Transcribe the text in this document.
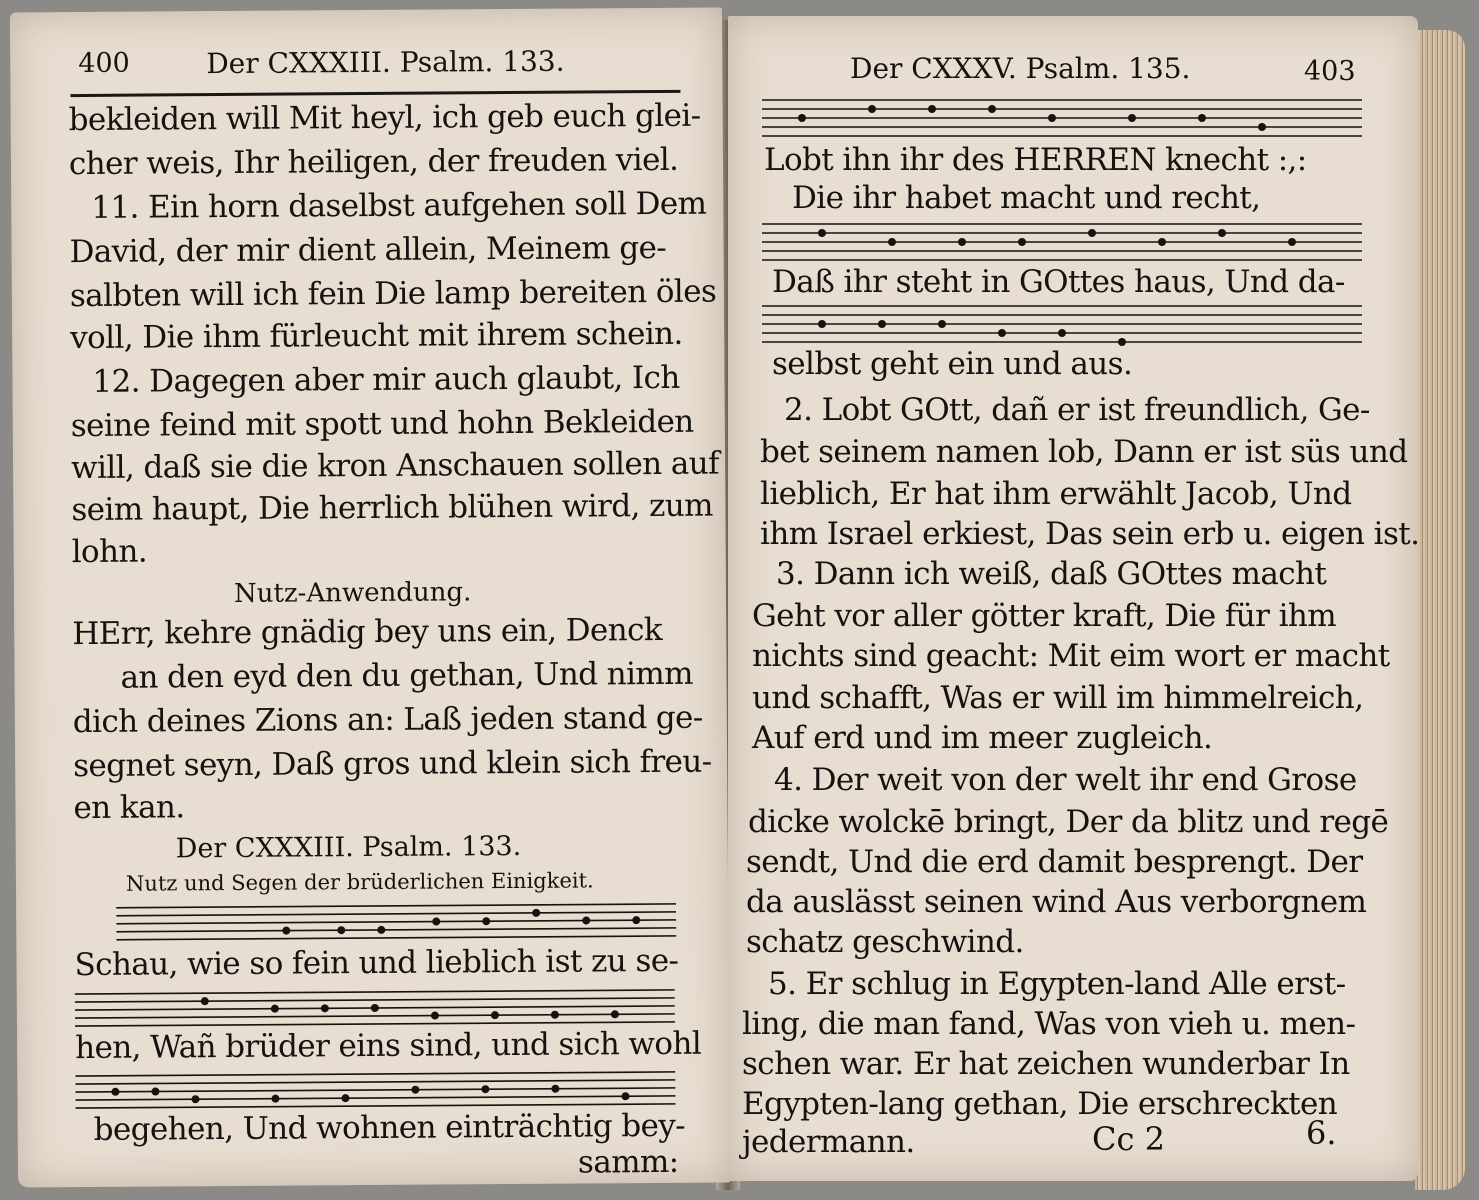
400	Der CXXXIII. Psalm. 133.
bekleiden will Mit heyl, ich geb euch glei-
cher weis, Ihr heiligen, der freuden viel.
11. Ein horn daselbst aufgehen soll Dem
David, der mir dient allein, Meinem ge-
salbten will ich fein Die lamp bereiten öles
voll, Die ihm fürleucht mit ihrem schein.
12. Dagegen aber mir auch glaubt, Ich
seine feind mit spott und hohn Bekleiden
will, daß sie die kron Anschauen sollen auf
seim haupt, Die herrlich blühen wird, zum
lohn.
Nutz-Anwendung.
HErr, kehre gnädig bey uns ein, Denck
an den eyd den du gethan, Und nimm
dich deines Zions an: Laß jeden stand ge-
segnet seyn, Daß gros und klein sich freu-
en kan.
Der CXXXIII. Psalm. 133.
Nutz und Segen der brüderlichen Einigkeit.
Schau, wie so fein und lieblich ist zu se-
hen, Wañ brüder eins sind, und sich wohl
begehen, Und wohnen einträchtig bey-
samm:
Der CXXXV. Psalm. 135.	403
Lobt ihn ihr des HERREN knecht :,:
Die ihr habet macht und recht,
Daß ihr steht in GOttes haus, Und da-
selbst geht ein und aus.
2. Lobt GOtt, dañ er ist freundlich, Ge-
bet seinem namen lob, Dann er ist süs und
lieblich, Er hat ihm erwählt Jacob, Und
ihm Israel erkiest, Das sein erb u. eigen ist.
3. Dann ich weiß, daß GOttes macht
Geht vor aller götter kraft, Die für ihm
nichts sind geacht: Mit eim wort er macht
und schafft, Was er will im himmelreich,
Auf erd und im meer zugleich.
4. Der weit von der welt ihr end Grose
dicke wolckē bringt, Der da blitz und regē
sendt, Und die erd damit besprengt. Der
da auslässt seinen wind Aus verborgnem
schatz geschwind.
5. Er schlug in Egypten-land Alle erst-
ling, die man fand, Was von vieh u. men-
schen war. Er hat zeichen wunderbar In
Egypten-lang gethan, Die erschreckten
jedermann.	Cc 2	6.
